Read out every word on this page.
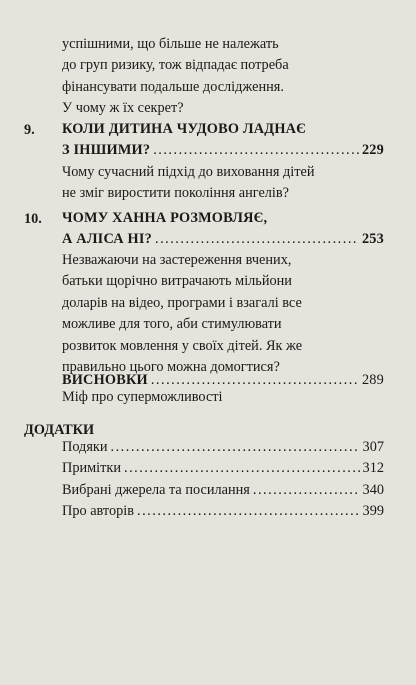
успішними, що більше не належать
до груп ризику, тож відпадає потреба
фінансувати подальше дослідження.
У чому ж їх секрет?
9. КОЛИ ДИТИНА ЧУДОВО ЛАДНАЄ
З ІНШИМИ? .....	229
Чому сучасний підхід до виховання дітей
не зміг виростити покоління ангелів?
10. ЧОМУ ХАННА РОЗМОВЛЯЄ,
А АЛІСА НІ? .....	253
Незважаючи на застереження вчених,
батьки щорічно витрачають мільйони
доларів на відео, програми і взагалі все
можливе для того, аби стимулювати
розвиток мовлення у своїх дітей. Як же
правильно цього можна домогтися?
ВИСНОВКИ .....	289
Міф про суперможливості
ДОДАТКИ
Подяки .....	307
Примітки .....	312
Вибрані джерела та посилання .....	340
Про авторів .....	399
